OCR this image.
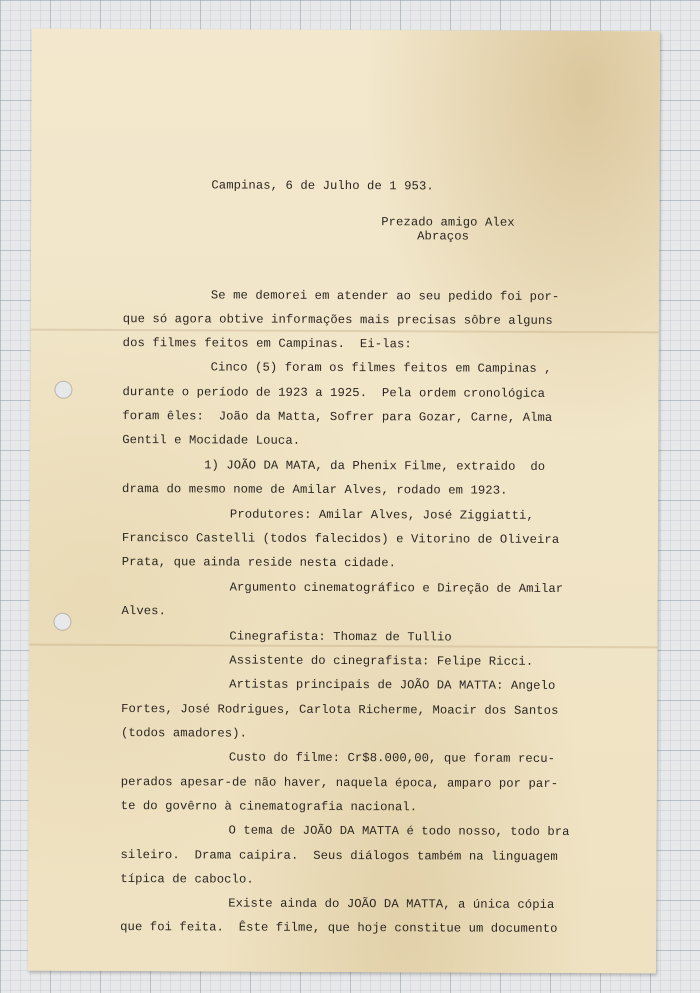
Campinas, 6 de Julho de 1 953.
Prezado amigo Alex
Abraços
Se me demorei em atender ao seu pedido foi por-
que só agora obtive informações mais precisas sôbre alguns
dos filmes feitos em Campinas.  Ei-las:
Cinco (5) foram os filmes feitos em Campinas ,
durante o período de 1923 a 1925.  Pela ordem cronológica
foram êles:  João da Matta, Sofrer para Gozar, Carne, Alma
Gentil e Mocidade Louca.
1) JOÃO DA MATA, da Phenix Filme, extraido  do
drama do mesmo nome de Amilar Alves, rodado em 1923.
Produtores: Amilar Alves, José Ziggiatti,
Francisco Castelli (todos falecidos) e Vitorino de Oliveira
Prata, que ainda reside nesta cidade.
Argumento cinematográfico e Direção de Amilar
Alves.
Cinegrafista: Thomaz de Tullio
Assistente do cinegrafista: Felipe Ricci.
Artistas principais de JOÃO DA MATTA: Angelo
Fortes, José Rodrigues, Carlota Richerme, Moacir dos Santos
(todos amadores).
Custo do filme: Cr$8.000,00, que foram recu-
perados apesar-de não haver, naquela época, amparo por par-
te do govêrno à cinematografia nacional.
O tema de JOÃO DA MATTA é todo nosso, todo bra
sileiro.  Drama caipira.  Seus diálogos também na linguagem
típica de caboclo.
Existe ainda do JOÃO DA MATTA, a única cópia
que foi feita.  Êste filme, que hoje constitue um documento
